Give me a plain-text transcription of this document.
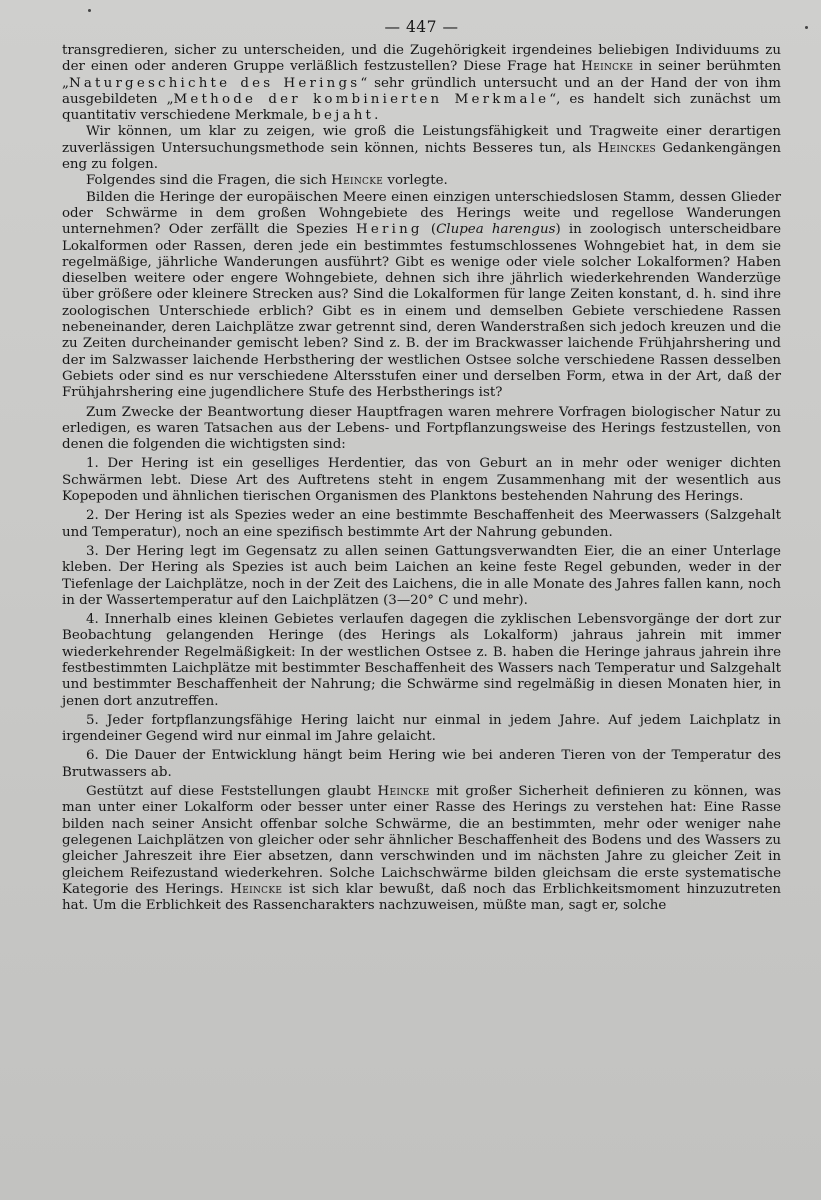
— 447 —

transgredieren, sicher zu unterscheiden, und die Zugehörigkeit irgendeines beliebigen Individuums zu der einen oder anderen Gruppe verläßlich festzustellen? Diese Frage hat Heincke in seiner berühmten „Naturgeschichte des Herings“ sehr gründlich untersucht und an der Hand der von ihm ausgebildeten „Methode der kombinierten Merkmale“, es handelt sich zunächst um quantitativ verschiedene Merkmale, bejaht.

Wir können, um klar zu zeigen, wie groß die Leistungsfähigkeit und Tragweite einer derartigen zuverlässigen Untersuchungsmethode sein können, nichts Besseres tun, als Heinckes Gedankengängen eng zu folgen.

Folgendes sind die Fragen, die sich Heincke vorlegte.

Bilden die Heringe der europäischen Meere einen einzigen unterschiedslosen Stamm, dessen Glieder oder Schwärme in dem großen Wohngebiete des Herings weite und regellose Wanderungen unternehmen? Oder zerfällt die Spezies Hering (Clupea harengus) in zoologisch unterscheidbare Lokalformen oder Rassen, deren jede ein bestimmtes festumschlossenes Wohngebiet hat, in dem sie regelmäßige, jährliche Wanderungen ausführt? Gibt es wenige oder viele solcher Lokalformen? Haben dieselben weitere oder engere Wohngebiete, dehnen sich ihre jährlich wiederkehrenden Wanderzüge über größere oder kleinere Strecken aus? Sind die Lokalformen für lange Zeiten konstant, d. h. sind ihre zoologischen Unterschiede erblich? Gibt es in einem und demselben Gebiete verschiedene Rassen nebeneinander, deren Laichplätze zwar getrennt sind, deren Wanderstraßen sich jedoch kreuzen und die zu Zeiten durcheinander gemischt leben? Sind z. B. der im Brackwasser laichende Frühjahrshering und der im Salzwasser laichende Herbsthering der westlichen Ostsee solche verschiedene Rassen desselben Gebiets oder sind es nur verschiedene Altersstufen einer und derselben Form, etwa in der Art, daß der Frühjahrshering eine jugendlichere Stufe des Herbstherings ist?

Zum Zwecke der Beantwortung dieser Hauptfragen waren mehrere Vorfragen biologischer Natur zu erledigen, es waren Tatsachen aus der Lebens- und Fortpflanzungsweise des Herings festzustellen, von denen die folgenden die wichtigsten sind:

1. Der Hering ist ein geselliges Herdentier, das von Geburt an in mehr oder weniger dichten Schwärmen lebt. Diese Art des Auftretens steht in engem Zusammenhang mit der wesentlich aus Kopepoden und ähnlichen tierischen Organismen des Planktons bestehenden Nahrung des Herings.

2. Der Hering ist als Spezies weder an eine bestimmte Beschaffenheit des Meerwassers (Salzgehalt und Temperatur), noch an eine spezifisch bestimmte Art der Nahrung gebunden.

3. Der Hering legt im Gegensatz zu allen seinen Gattungsverwandten Eier, die an einer Unterlage kleben. Der Hering als Spezies ist auch beim Laichen an keine feste Regel gebunden, weder in der Tiefenlage der Laichplätze, noch in der Zeit des Laichens, die in alle Monate des Jahres fallen kann, noch in der Wassertemperatur auf den Laichplätzen (3—20° C und mehr).

4. Innerhalb eines kleinen Gebietes verlaufen dagegen die zyklischen Lebensvorgänge der dort zur Beobachtung gelangenden Heringe (des Herings als Lokalform) jahraus jahrein mit immer wiederkehrender Regelmäßigkeit: In der westlichen Ostsee z. B. haben die Heringe jahraus jahrein ihre festbestimmten Laichplätze mit bestimmter Beschaffenheit des Wassers nach Temperatur und Salzgehalt und bestimmter Beschaffenheit der Nahrung; die Schwärme sind regelmäßig in diesen Monaten hier, in jenen dort anzutreffen.

5. Jeder fortpflanzungsfähige Hering laicht nur einmal in jedem Jahre. Auf jedem Laichplatz in irgendeiner Gegend wird nur einmal im Jahre gelaicht.

6. Die Dauer der Entwicklung hängt beim Hering wie bei anderen Tieren von der Temperatur des Brutwassers ab.

Gestützt auf diese Feststellungen glaubt Heincke mit großer Sicherheit definieren zu können, was man unter einer Lokalform oder besser unter einer Rasse des Herings zu verstehen hat: Eine Rasse bilden nach seiner Ansicht offenbar solche Schwärme, die an bestimmten, mehr oder weniger nahe gelegenen Laichplätzen von gleicher oder sehr ähnlicher Beschaffenheit des Bodens und des Wassers zu gleicher Jahreszeit ihre Eier absetzen, dann verschwinden und im nächsten Jahre zu gleicher Zeit in gleichem Reifezustand wiederkehren. Solche Laichschwärme bilden gleichsam die erste systematische Kategorie des Herings. Heincke ist sich klar bewußt, daß noch das Erblichkeitsmoment hinzuzutreten hat. Um die Erblichkeit des Rassencharakters nachzuweisen, müßte man, sagt er, solche
